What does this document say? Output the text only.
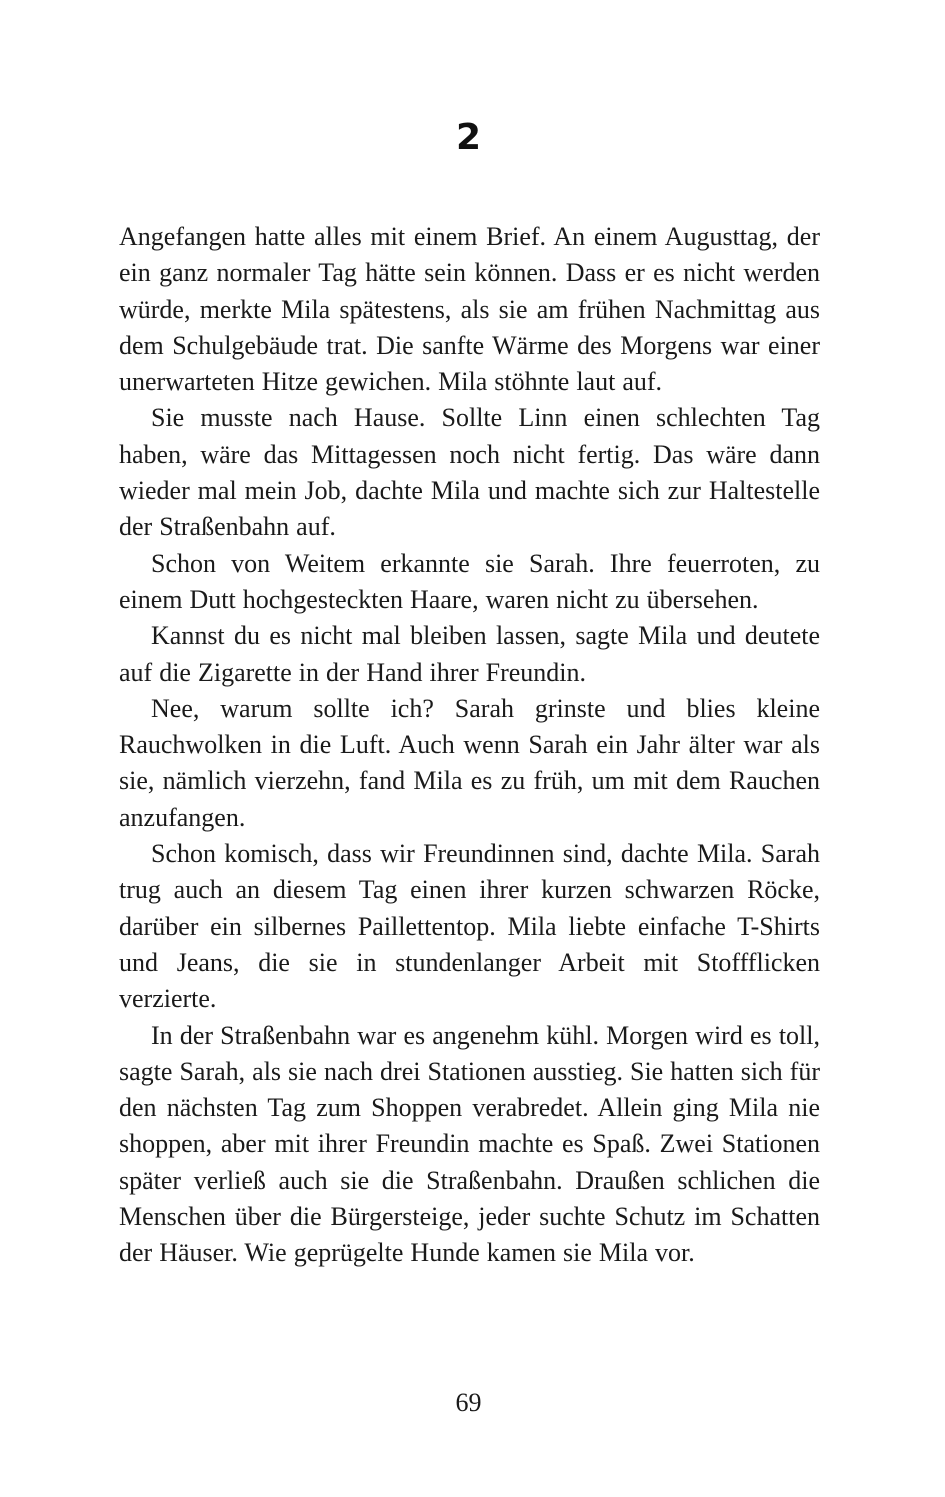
2

Angefangen hatte alles mit einem Brief. An einem Augusttag, der ein ganz normaler Tag hätte sein können. Dass er es nicht werden würde, merkte Mila spätestens, als sie am frühen Nachmittag aus dem Schulgebäude trat. Die sanfte Wärme des Morgens war einer unerwarteten Hitze gewichen. Mila stöhnte laut auf.

Sie musste nach Hause. Sollte Linn einen schlechten Tag haben, wäre das Mittagessen noch nicht fertig. Das wäre dann wieder mal mein Job, dachte Mila und machte sich zur Haltestelle der Straßenbahn auf.

Schon von Weitem erkannte sie Sarah. Ihre feuerroten, zu einem Dutt hochgesteckten Haare, waren nicht zu übersehen.

Kannst du es nicht mal bleiben lassen, sagte Mila und deutete auf die Zigarette in der Hand ihrer Freundin.

Nee, warum sollte ich? Sarah grinste und blies kleine Rauchwolken in die Luft. Auch wenn Sarah ein Jahr älter war als sie, nämlich vierzehn, fand Mila es zu früh, um mit dem Rauchen anzufangen.

Schon komisch, dass wir Freundinnen sind, dachte Mila. Sarah trug auch an diesem Tag einen ihrer kurzen schwarzen Röcke, darüber ein silbernes Paillettentop. Mila liebte einfache T-Shirts und Jeans, die sie in stundenlanger Arbeit mit Stoffflicken verzierte.

In der Straßenbahn war es angenehm kühl. Morgen wird es toll, sagte Sarah, als sie nach drei Stationen ausstieg. Sie hatten sich für den nächsten Tag zum Shoppen verabredet. Allein ging Mila nie shoppen, aber mit ihrer Freundin machte es Spaß. Zwei Stationen später verließ auch sie die Straßenbahn. Draußen schlichen die Menschen über die Bürgersteige, jeder suchte Schutz im Schatten der Häuser. Wie geprügelte Hunde kamen sie Mila vor.

69
